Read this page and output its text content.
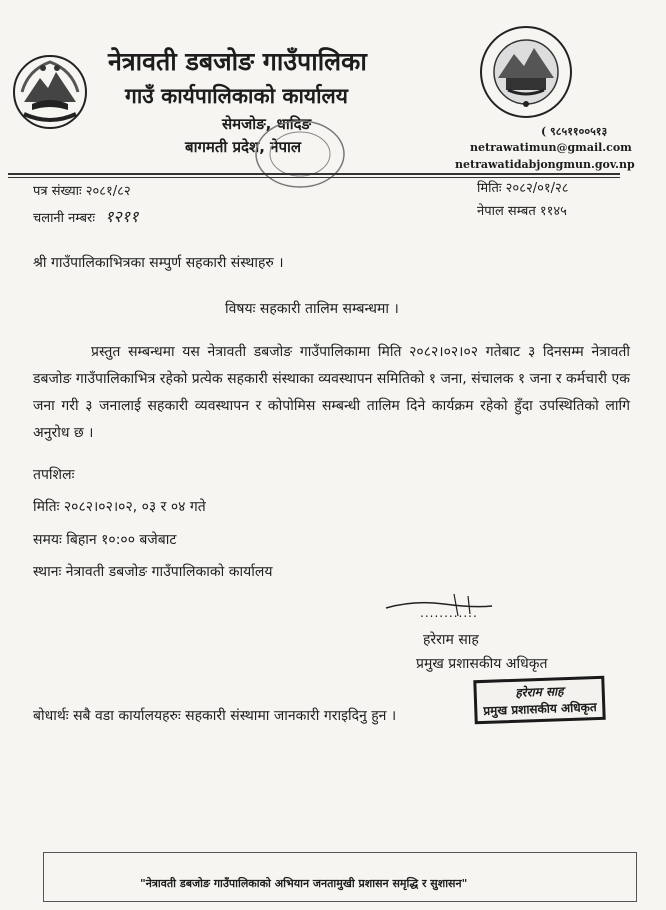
नेत्रावती डबजोङ गाउँपालिका
गाउँ कार्यपालिकाको कार्यालय
सेमजोङ, धादिङ
बागमती प्रदेश, नेपाल
( ९८५११००५१३
netrawatimun@gmail.com
netrawatidabjongmun.gov.np
पत्र संख्याः २०८१/८२
चलानी नम्बरः १२११
मितिः २०८२/०१/२८
नेपाल सम्बत ११४५
श्री गाउँपालिकाभित्रका सम्पुर्ण सहकारी संस्थाहरु ।
विषयः सहकारी तालिम सम्बन्धमा ।
प्रस्तुत सम्बन्धमा यस नेत्रावती डबजोङ गाउँपालिकामा मिति २०८२।०२।०२ गतेबाट ३ दिनसम्म नेत्रावती डबजोङ गाउँपालिकाभित्र रहेको प्रत्येक सहकारी संस्थाका व्यवस्थापन समितिको १ जना, संचालक १ जना र कर्मचारी एक जना गरी ३ जनालाई सहकारी व्यवस्थापन र कोपोमिस सम्बन्धी तालिम दिने कार्यक्रम रहेको हुँदा उपस्थितिको लागि अनुरोध छ ।
तपशिलः
मितिः २०८२।०२।०२, ०३ र ०४ गते
समयः बिहान १०:०० बजेबाट
स्थानः नेत्रावती डबजोङ गाउँपालिकाको कार्यालय
............
हरेराम साह
प्रमुख प्रशासकीय अधिकृत
हरेराम साह
प्रमुख प्रशासकीय अधिकृत
बोधार्थः सबै वडा कार्यालयहरुः सहकारी संस्थामा जानकारी गराइदिनु हुन ।
"नेत्रावती डबजोङ गाउँपालिकाको अभियान जनतामुखी प्रशासन समृद्धि र सुशासन"
